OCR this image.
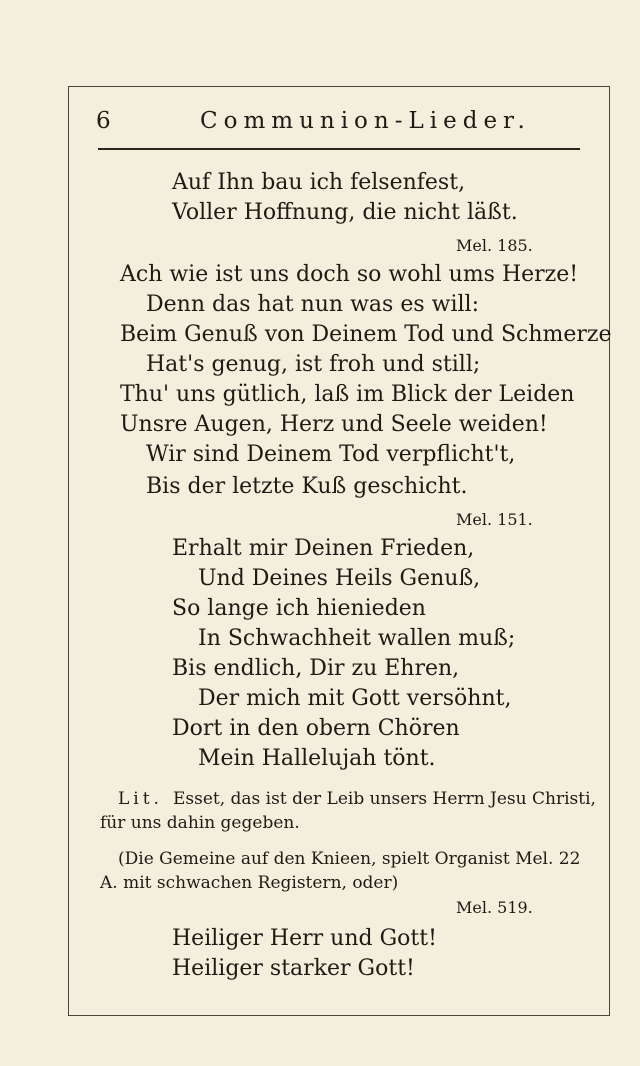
6	Communion-Lieder.
Auf Ihn bau ich felsenfest,
Voller Hoffnung, die nicht läßt.
Mel. 185.
Ach wie ist uns doch so wohl ums Herze!
Denn das hat nun was es will:
Beim Genuß von Deinem Tod und Schmerze
Hat's genug, ist froh und still;
Thu' uns gütlich, laß im Blick der Leiden
Unsre Augen, Herz und Seele weiden!
Wir sind Deinem Tod verpflicht't,
Bis der letzte Kuß geschicht.
Mel. 151.
Erhalt mir Deinen Frieden,
Und Deines Heils Genuß,
So lange ich hienieden
In Schwachheit wallen muß;
Bis endlich, Dir zu Ehren,
Der mich mit Gott versöhnt,
Dort in den obern Chören
Mein Hallelujah tönt.
Lit. Esset, das ist der Leib unsers Herrn Jesu Christi,
für uns dahin gegeben.
(Die Gemeine auf den Knieen, spielt Organist Mel. 22
A. mit schwachen Registern, oder)
Mel. 519.
Heiliger Herr und Gott!
Heiliger starker Gott!
